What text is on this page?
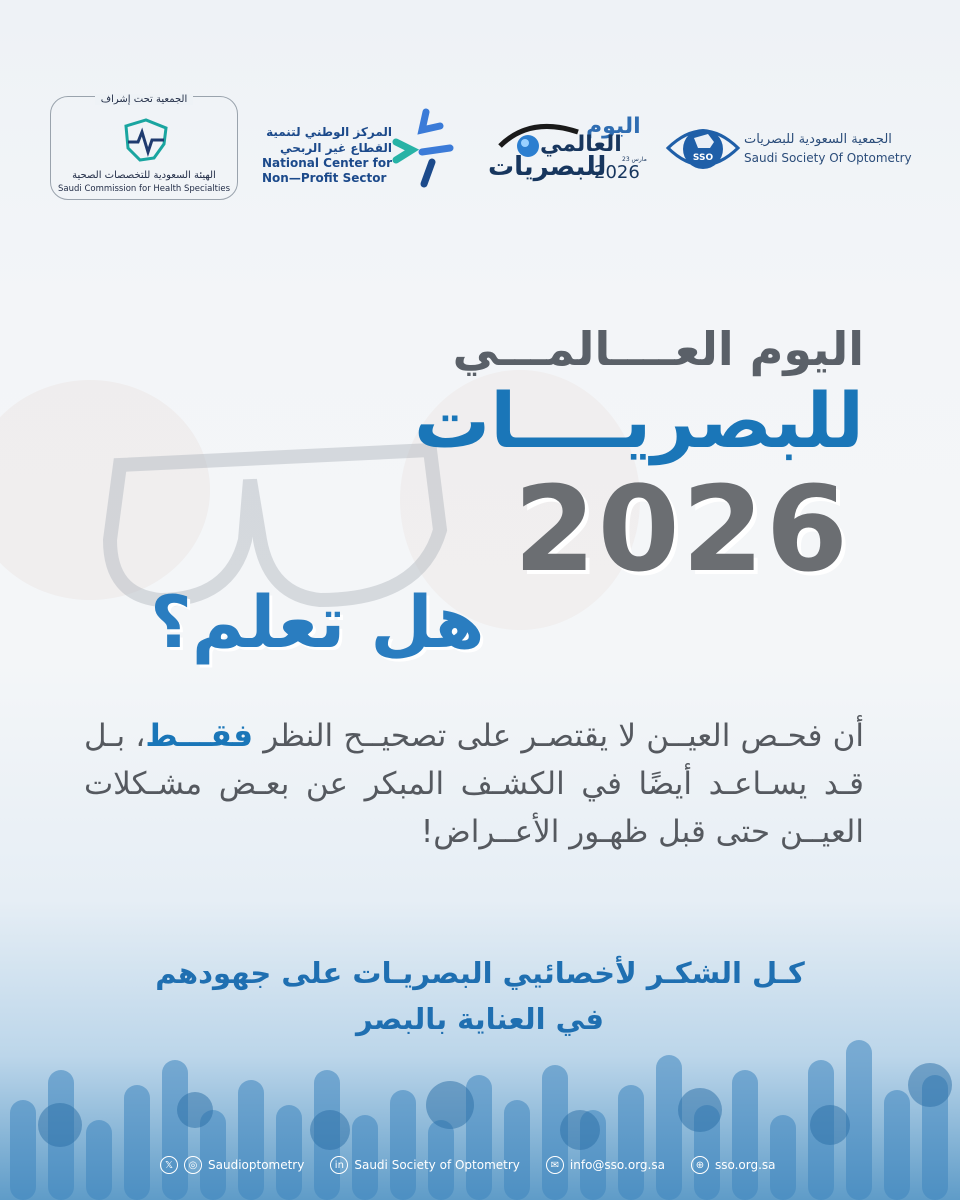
الجمعية تحت إشراف
الهيئة السعودية للتخصصات الصحية
Saudi Commission for Health Specialties
المركز الوطني لتنمية
القطاع غير الربحي
National Center for
Non—Profit Sector
اليوم
العالمي
للبصريات
2026
23 مارس	SSO
الجمعية السعودية للبصريات
Saudi Society Of Optometry
اليوم العــــالمـــي
للبصريــــات
2026
هل تعلم؟
أن فحـص العيــن لا يقتصـر على تصحيــح النظر فقـــط، بـل قـد يسـاعـد أيضًا في الكشـف المبكر عن بعـض مشـكلات العيــن حتى قبل ظهـور الأعــراض!
كـل الشكـر لأخصائيي البصريـات على جهودهم
في العناية بالبصر
𝕏	◎ Saudioptometry	in Saudi Society of Optometry	✉ info@sso.org.sa	⊕ sso.org.sa
